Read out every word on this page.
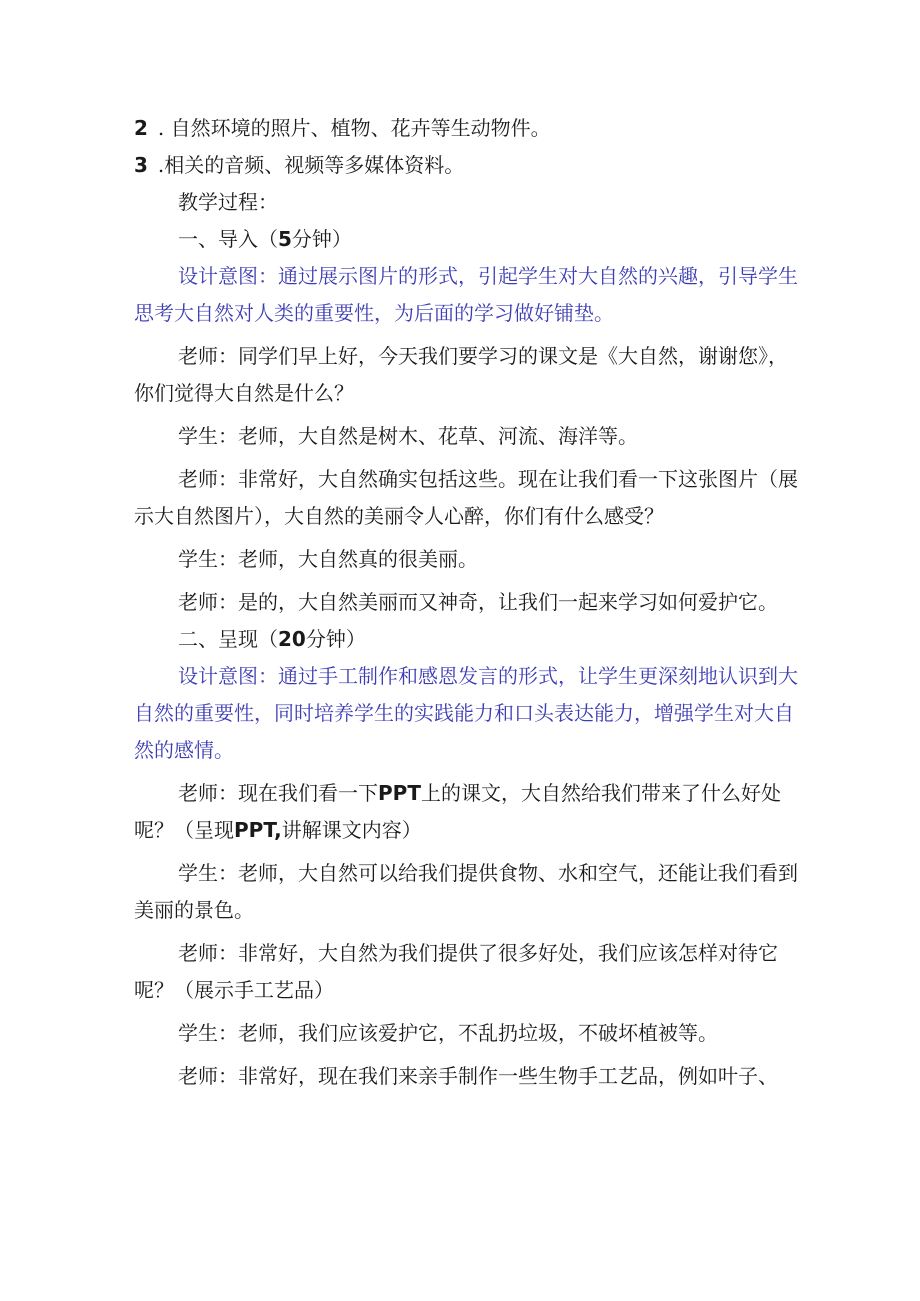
2 . 自然环境的照片、植物、花卉等生动物件。

3 .相关的音频、视频等多媒体资料。

教学过程：

一、导入（5分钟）

设计意图：通过展示图片的形式，引起学生对大自然的兴趣，引导学生思考大自然对人类的重要性，为后面的学习做好铺垫。

老师：同学们早上好，今天我们要学习的课文是《大自然，谢谢您》，你们觉得大自然是什么？

学生：老师，大自然是树木、花草、河流、海洋等。

老师：非常好，大自然确实包括这些。现在让我们看一下这张图片（展示大自然图片），大自然的美丽令人心醉，你们有什么感受？

学生：老师，大自然真的很美丽。

老师：是的，大自然美丽而又神奇，让我们一起来学习如何爱护它。

二、呈现（20分钟）

设计意图：通过手工制作和感恩发言的形式，让学生更深刻地认识到大自然的重要性，同时培养学生的实践能力和口头表达能力，增强学生对大自然的感情。

老师：现在我们看一下PPT上的课文，大自然给我们带来了什么好处呢？（呈现PPT,讲解课文内容）

学生：老师，大自然可以给我们提供食物、水和空气，还能让我们看到美丽的景色。

老师：非常好，大自然为我们提供了很多好处，我们应该怎样对待它呢？（展示手工艺品）

学生：老师，我们应该爱护它，不乱扔垃圾，不破坏植被等。

老师：非常好，现在我们来亲手制作一些生物手工艺品，例如叶子、
